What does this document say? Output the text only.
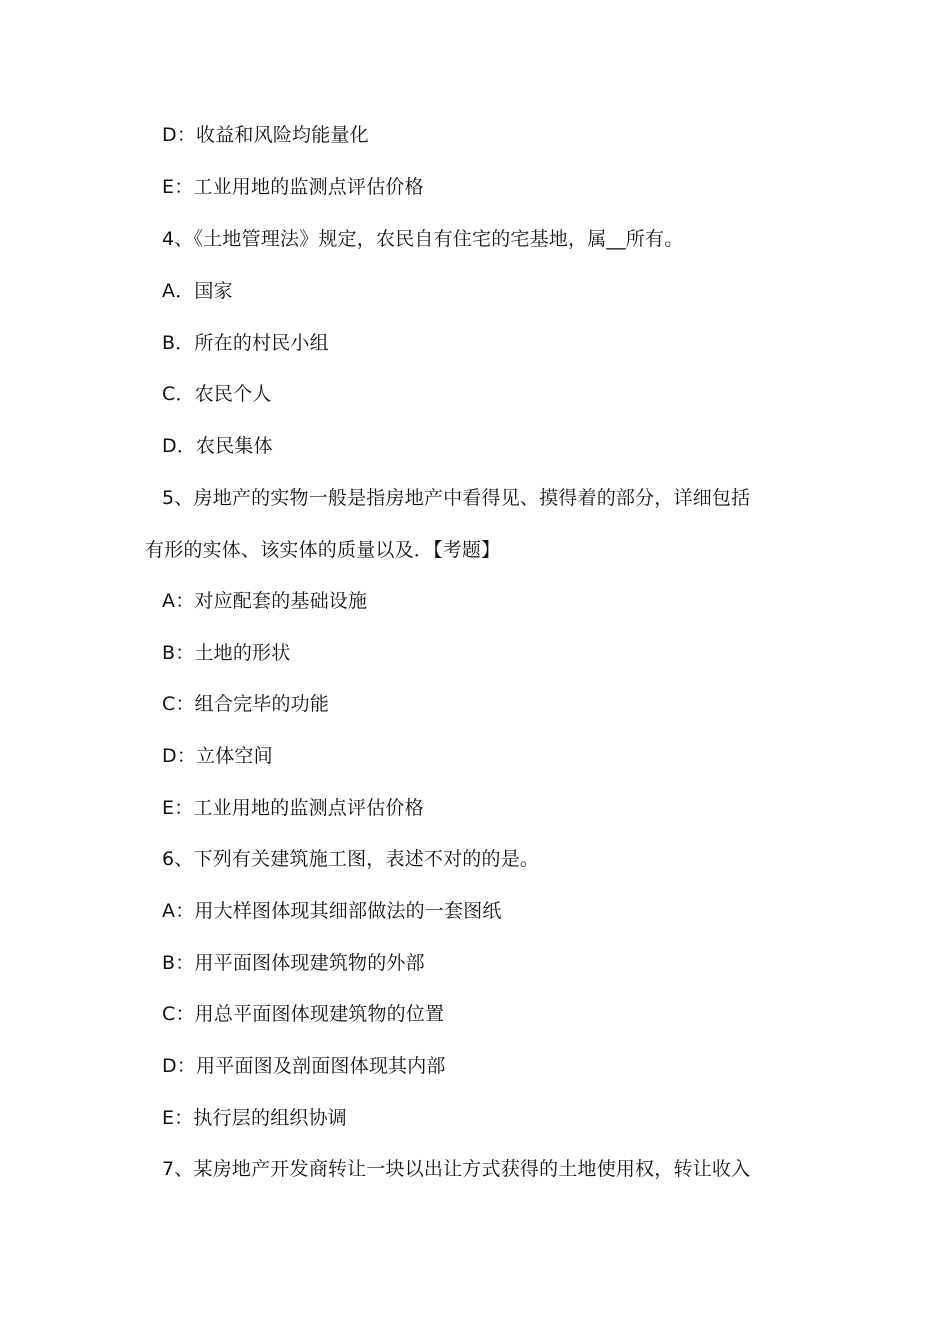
D：收益和风险均能量化
E：工业用地的监测点评估价格
4、《土地管理法》规定，农民自有住宅的宅基地，属__所有。
A．国家
B．所在的村民小组
C．农民个人
D．农民集体
5、房地产的实物一般是指房地产中看得见、摸得着的部分，详细包括
有形的实体、该实体的质量以及．【考题】
A：对应配套的基础设施
B：土地的形状
C：组合完毕的功能
D：立体空间
E：工业用地的监测点评估价格
6、下列有关建筑施工图，表述不对的的是。
A：用大样图体现其细部做法的一套图纸
B：用平面图体现建筑物的外部
C：用总平面图体现建筑物的位置
D：用平面图及剖面图体现其内部
E：执行层的组织协调
7、某房地产开发商转让一块以出让方式获得的土地使用权，转让收入
